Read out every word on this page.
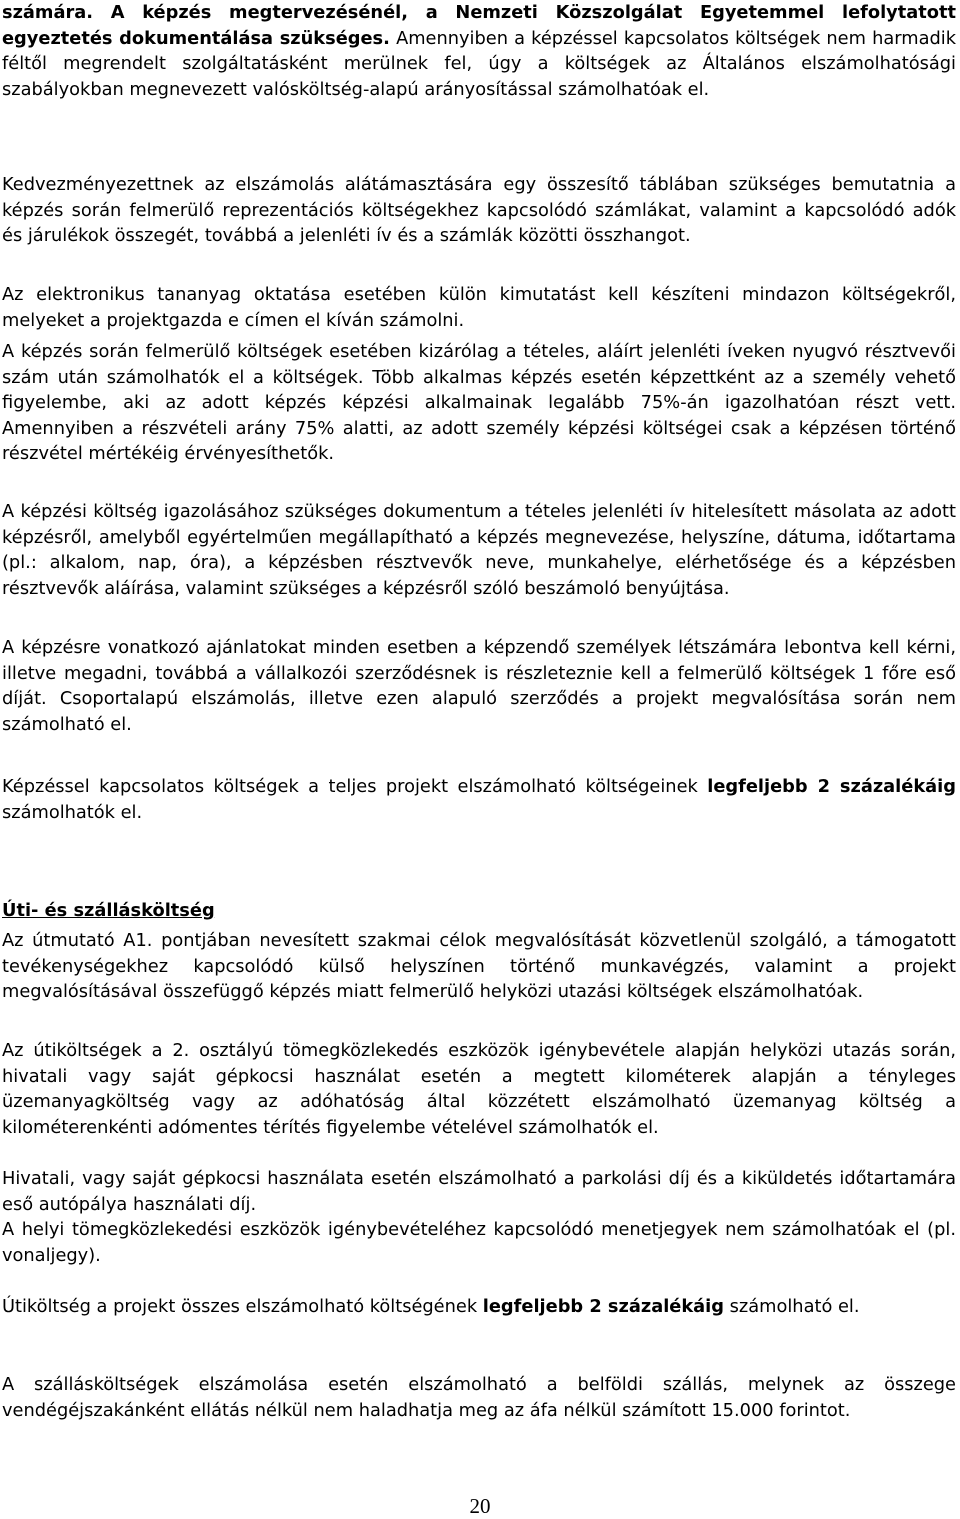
számára. A képzés megtervezésénél, a Nemzeti Közszolgálat Egyetemmel lefolytatott egyeztetés dokumentálása szükséges. Amennyiben a képzéssel kapcsolatos költségek nem harmadik féltől megrendelt szolgáltatásként merülnek fel, úgy a költségek az Általános elszámolhatósági szabályokban megnevezett valósköltség-alapú arányosítással számolhatóak el.

Kedvezményezettnek az elszámolás alátámasztására egy összesítő táblában szükséges bemutatnia a képzés során felmerülő reprezentációs költségekhez kapcsolódó számlákat, valamint a kapcsolódó adók és járulékok összegét, továbbá a jelenléti ív és a számlák közötti összhangot.

Az elektronikus tananyag oktatása esetében külön kimutatást kell készíteni mindazon költségekről, melyeket a projektgazda e címen el kíván számolni.

A képzés során felmerülő költségek esetében kizárólag a tételes, aláírt jelenléti íveken nyugvó résztvevői szám után számolhatók el a költségek. Több alkalmas képzés esetén képzettként az a személy vehető figyelembe, aki az adott képzés képzési alkalmainak legalább 75%-án igazolhatóan részt vett. Amennyiben a részvételi arány 75% alatti, az adott személy képzési költségei csak a képzésen történő részvétel mértékéig érvényesíthetők.

A képzési költség igazolásához szükséges dokumentum a tételes jelenléti ív hitelesített másolata az adott képzésről, amelyből egyértelműen megállapítható a képzés megnevezése, helyszíne, dátuma, időtartama (pl.: alkalom, nap, óra), a képzésben résztvevők neve, munkahelye, elérhetősége és a képzésben résztvevők aláírása, valamint szükséges a képzésről szóló beszámoló benyújtása.

A képzésre vonatkozó ajánlatokat minden esetben a képzendő személyek létszámára lebontva kell kérni, illetve megadni, továbbá a vállalkozói szerződésnek is részleteznie kell a felmerülő költségek 1 főre eső díját. Csoportalapú elszámolás, illetve ezen alapuló szerződés a projekt megvalósítása során nem számolható el.

Képzéssel kapcsolatos költségek a teljes projekt elszámolható költségeinek legfeljebb 2 százalékáig számolhatók el.

Úti- és szállásköltség

Az útmutató A1. pontjában nevesített szakmai célok megvalósítását közvetlenül szolgáló, a támogatott tevékenységekhez kapcsolódó külső helyszínen történő munkavégzés, valamint a projekt megvalósításával összefüggő képzés miatt felmerülő helyközi utazási költségek elszámolhatóak.

Az útiköltségek a 2. osztályú tömegközlekedés eszközök igénybevétele alapján helyközi utazás során, hivatali vagy saját gépkocsi használat esetén a megtett kilométerek alapján a tényleges üzemanyagköltség vagy az adóhatóság által közzétett elszámolható üzemanyag költség a kilométerenkénti adómentes térítés figyelembe vételével számolhatók el.

Hivatali, vagy saját gépkocsi használata esetén elszámolható a parkolási díj és a kiküldetés időtartamára eső autópálya használati díj.

A helyi tömegközlekedési eszközök igénybevételéhez kapcsolódó menetjegyek nem számolhatóak el (pl. vonaljegy).

Útiköltség a projekt összes elszámolható költségének legfeljebb 2 százalékáig számolható el.

A szállásköltségek elszámolása esetén elszámolható a belföldi szállás, melynek az összege vendégéjszakánként ellátás nélkül nem haladhatja meg az áfa nélkül számított 15.000 forintot.

20
